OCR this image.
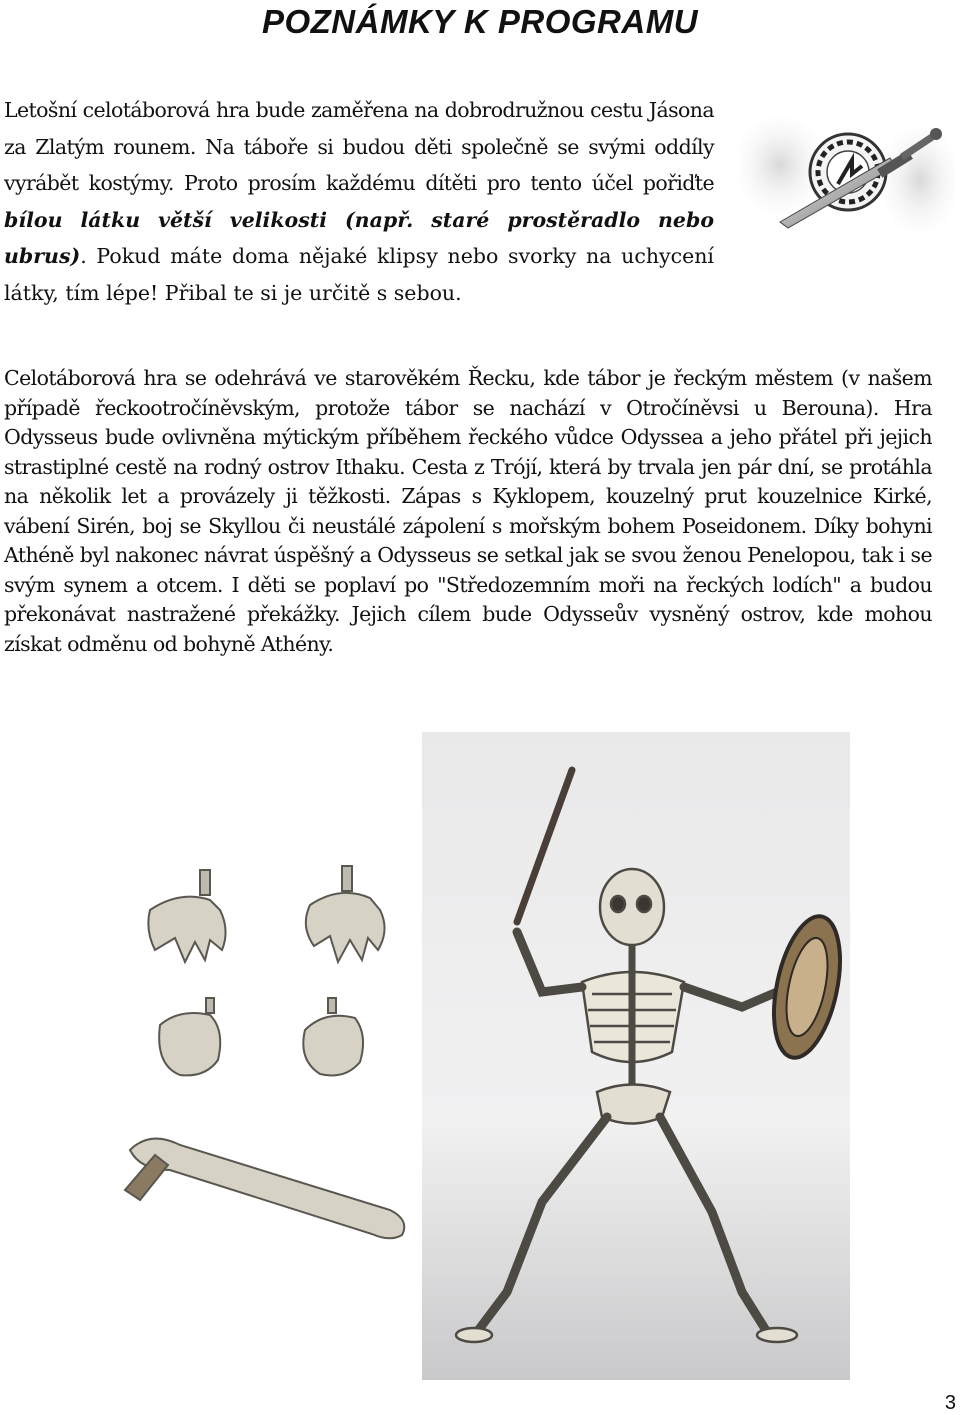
POZNÁMKY K PROGRAMU
Letošní celotáborová hra bude zaměřena na dobrodružnou cestu Jásona za Zlatým rounem. Na táboře si budou děti společně se svými oddíly vyrábět kostýmy. Proto prosím každému dítěti pro tento účel pořiďte bílou látku větší velikosti (např. staré prostěradlo nebo ubrus). Pokud máte doma nějaké klipsy nebo svorky na uchycení látky, tím lépe! Přibal te si je určitě s sebou.
Celotáborová hra se odehrává ve starověkém Řecku, kde tábor je řeckým městem (v našem případě řeckootročíněvským, protože tábor se nachází v Otročíněvsi u Berouna). Hra Odysseus bude ovlivněna mýtickým příběhem řeckého vůdce Odyssea a jeho přátel při jejich strastiplné cestě na rodný ostrov Ithaku. Cesta z Trójí, která by trvala jen pár dní, se protáhla na několik let a provázely ji těžkosti. Zápas s Kyklopem, kouzelný prut kouzelnice Kirké, vábení Sirén, boj se Skyllou či neustálé zápolení s mořským bohem Poseidonem. Díky bohyni Athéně byl nakonec návrat úspěšný a Odysseus se setkal jak se svou ženou Penelopou, tak i se svým synem a otcem. I děti se poplaví po "Středozemním moři na řeckých lodích" a budou překonávat nastražené překážky. Jejich cílem bude Odysseův vysněný ostrov, kde mohou získat odměnu od bohyně Athény.
3
